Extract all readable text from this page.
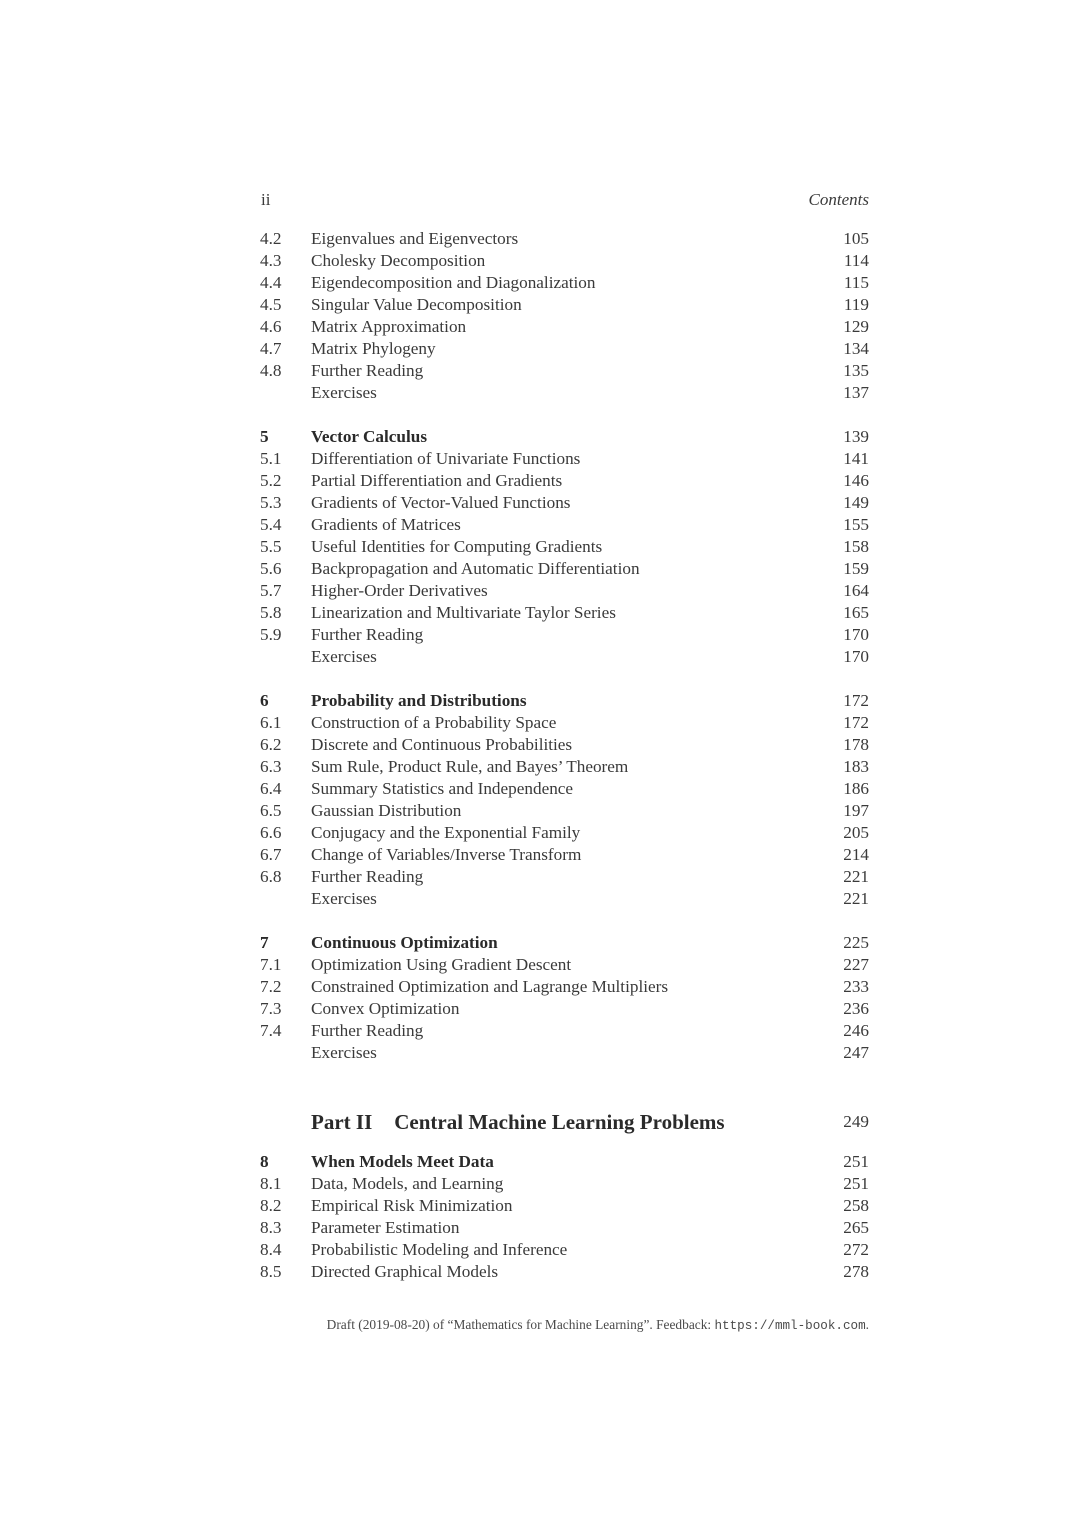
ii	Contents
4.2 Eigenvalues and Eigenvectors	105
4.3 Cholesky Decomposition	114
4.4 Eigendecomposition and Diagonalization	115
4.5 Singular Value Decomposition	119
4.6 Matrix Approximation	129
4.7 Matrix Phylogeny	134
4.8 Further Reading	135
Exercises	137
5 Vector Calculus	139
5.1 Differentiation of Univariate Functions	141
5.2 Partial Differentiation and Gradients	146
5.3 Gradients of Vector-Valued Functions	149
5.4 Gradients of Matrices	155
5.5 Useful Identities for Computing Gradients	158
5.6 Backpropagation and Automatic Differentiation	159
5.7 Higher-Order Derivatives	164
5.8 Linearization and Multivariate Taylor Series	165
5.9 Further Reading	170
Exercises	170
6 Probability and Distributions	172
6.1 Construction of a Probability Space	172
6.2 Discrete and Continuous Probabilities	178
6.3 Sum Rule, Product Rule, and Bayes’ Theorem	183
6.4 Summary Statistics and Independence	186
6.5 Gaussian Distribution	197
6.6 Conjugacy and the Exponential Family	205
6.7 Change of Variables/Inverse Transform	214
6.8 Further Reading	221
Exercises	221
7 Continuous Optimization	225
7.1 Optimization Using Gradient Descent	227
7.2 Constrained Optimization and Lagrange Multipliers	233
7.3 Convex Optimization	236
7.4 Further Reading	246
Exercises	247
Part II Central Machine Learning Problems	249
8 When Models Meet Data	251
8.1 Data, Models, and Learning	251
8.2 Empirical Risk Minimization	258
8.3 Parameter Estimation	265
8.4 Probabilistic Modeling and Inference	272
8.5 Directed Graphical Models	278
Draft (2019-08-20) of “Mathematics for Machine Learning”. Feedback: https://mml-book.com.
